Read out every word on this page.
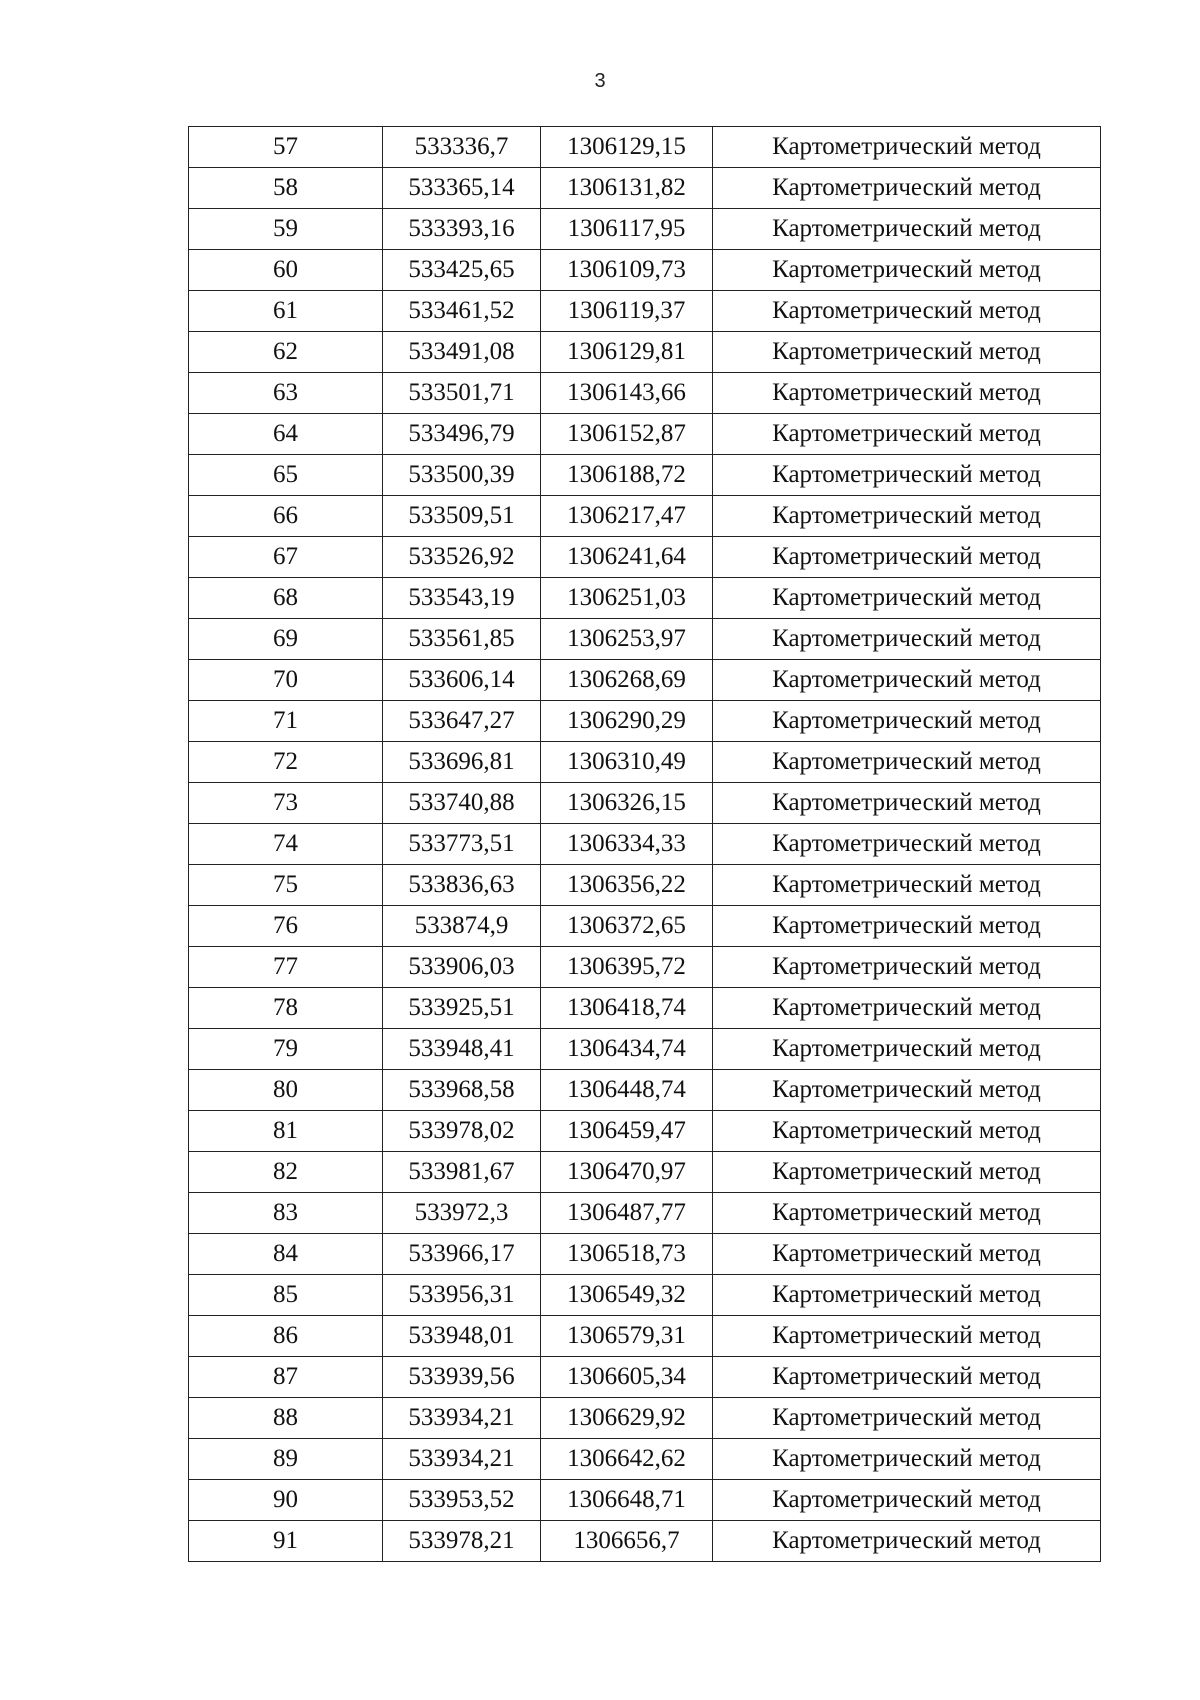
3
57	533336,7	1306129,15	Картометрический метод
58	533365,14	1306131,82	Картометрический метод
59	533393,16	1306117,95	Картометрический метод
60	533425,65	1306109,73	Картометрический метод
61	533461,52	1306119,37	Картометрический метод
62	533491,08	1306129,81	Картометрический метод
63	533501,71	1306143,66	Картометрический метод
64	533496,79	1306152,87	Картометрический метод
65	533500,39	1306188,72	Картометрический метод
66	533509,51	1306217,47	Картометрический метод
67	533526,92	1306241,64	Картометрический метод
68	533543,19	1306251,03	Картометрический метод
69	533561,85	1306253,97	Картометрический метод
70	533606,14	1306268,69	Картометрический метод
71	533647,27	1306290,29	Картометрический метод
72	533696,81	1306310,49	Картометрический метод
73	533740,88	1306326,15	Картометрический метод
74	533773,51	1306334,33	Картометрический метод
75	533836,63	1306356,22	Картометрический метод
76	533874,9	1306372,65	Картометрический метод
77	533906,03	1306395,72	Картометрический метод
78	533925,51	1306418,74	Картометрический метод
79	533948,41	1306434,74	Картометрический метод
80	533968,58	1306448,74	Картометрический метод
81	533978,02	1306459,47	Картометрический метод
82	533981,67	1306470,97	Картометрический метод
83	533972,3	1306487,77	Картометрический метод
84	533966,17	1306518,73	Картометрический метод
85	533956,31	1306549,32	Картометрический метод
86	533948,01	1306579,31	Картометрический метод
87	533939,56	1306605,34	Картометрический метод
88	533934,21	1306629,92	Картометрический метод
89	533934,21	1306642,62	Картометрический метод
90	533953,52	1306648,71	Картометрический метод
91	533978,21	1306656,7	Картометрический метод
